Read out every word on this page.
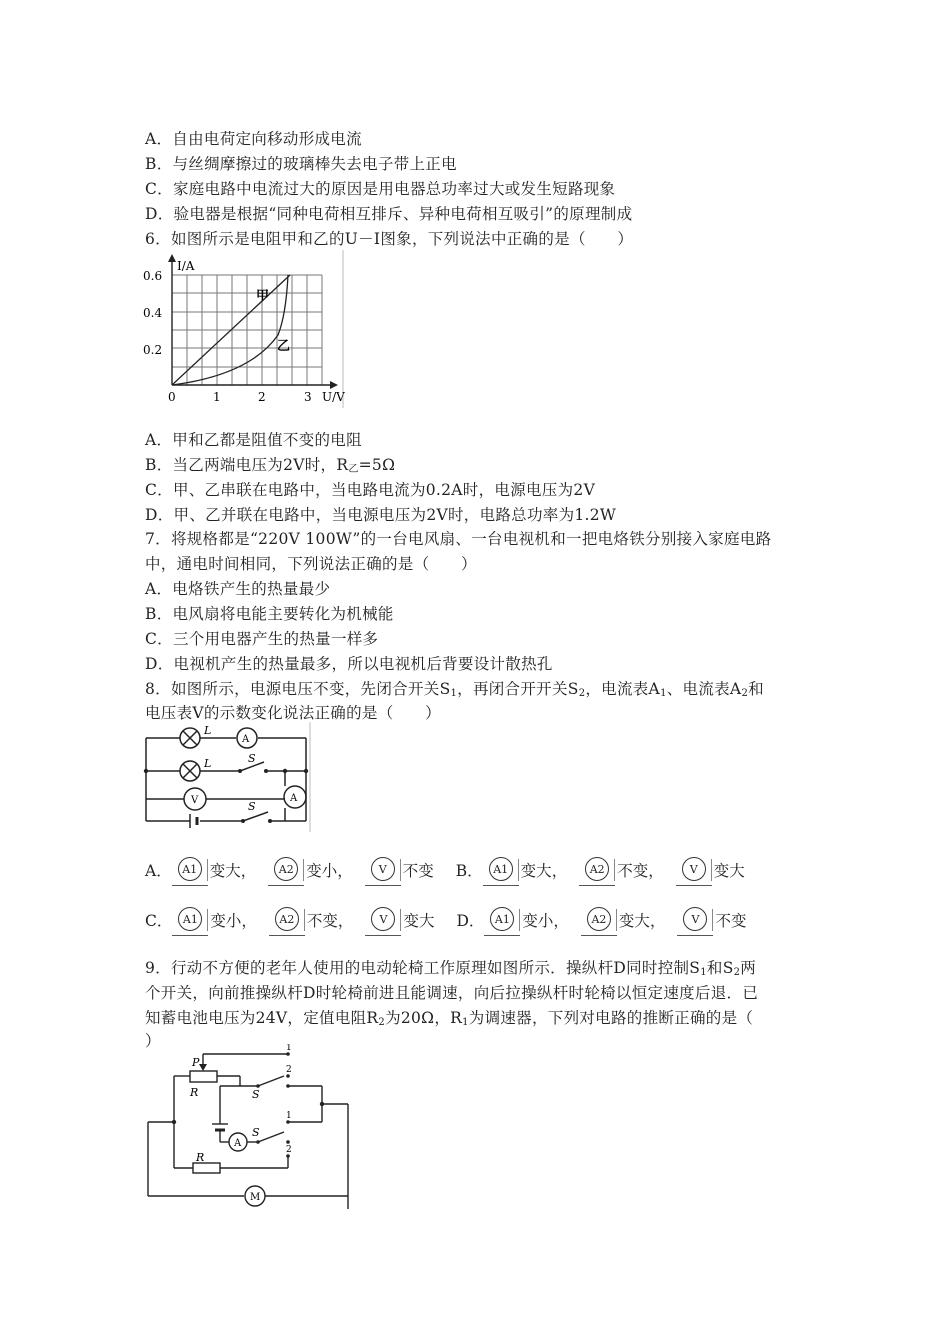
A．自由电荷定向移动形成电流
B．与丝绸摩擦过的玻璃棒失去电子带上正电
C．家庭电路中电流过大的原因是用电器总功率过大或发生短路现象
D．验电器是根据“同种电荷相互排斥、异种电荷相互吸引”的原理制成
6．如图所示是电阻甲和乙的U－I图象，下列说法中正确的是（　　）
I/A
U/V
0.6
0.4
0.2
0	1	2	3
甲
乙
A．甲和乙都是阻值不变的电阻
B．当乙两端电压为2V时，$R_乙=5\Omega$
C．甲、乙串联在电路中，当电路电流为0.2A时，电源电压为2V
D．甲、乙并联在电路中，当电源电压为2V时，电路总功率为1.2W
7．将规格都是“220V 100W”的一台电风扇、一台电视机和一把电烙铁分别接入家庭电路
中，通电时间相同，下列说法正确的是（　　）
A．电烙铁产生的热量最少
B．电风扇将电能主要转化为机械能
C．三个用电器产生的热量一样多
D．电视机产生的热量最多，所以电视机后背要设计散热孔
8．如图所示，电源电压不变，先闭合开关$S_1$，再闭合开开关$S_2$，电流表$A_1$、电流表$A_2$和
电压表V的示数变化说法正确的是（　　）
L
L	S
S
A
A
V
A． A1 变大 ，	A2 变小 ，	V	不变 B． A1 变大 ，	A2 不变 ，	V	变大
C． A1 变小 ，	A2 不变 ，	V	变大 D． A1 变小 ，	A2 变大 ，	V	不变
9．行动不方便的老年人使用的电动轮椅工作原理如图所示．操纵杆D同时控制$S_1$和$S_2$两
个开关，向前推操纵杆D时轮椅前进且能调速，向后拉操纵杆时轮椅以恒定速度后退．已
知蓄电池电压为24V，定值电阻$R_2$为20Ω，$R_1$为调速器，下列对电路的推断正确的是（
）
P
R
R
S
S
1
2
1
2
A
M
